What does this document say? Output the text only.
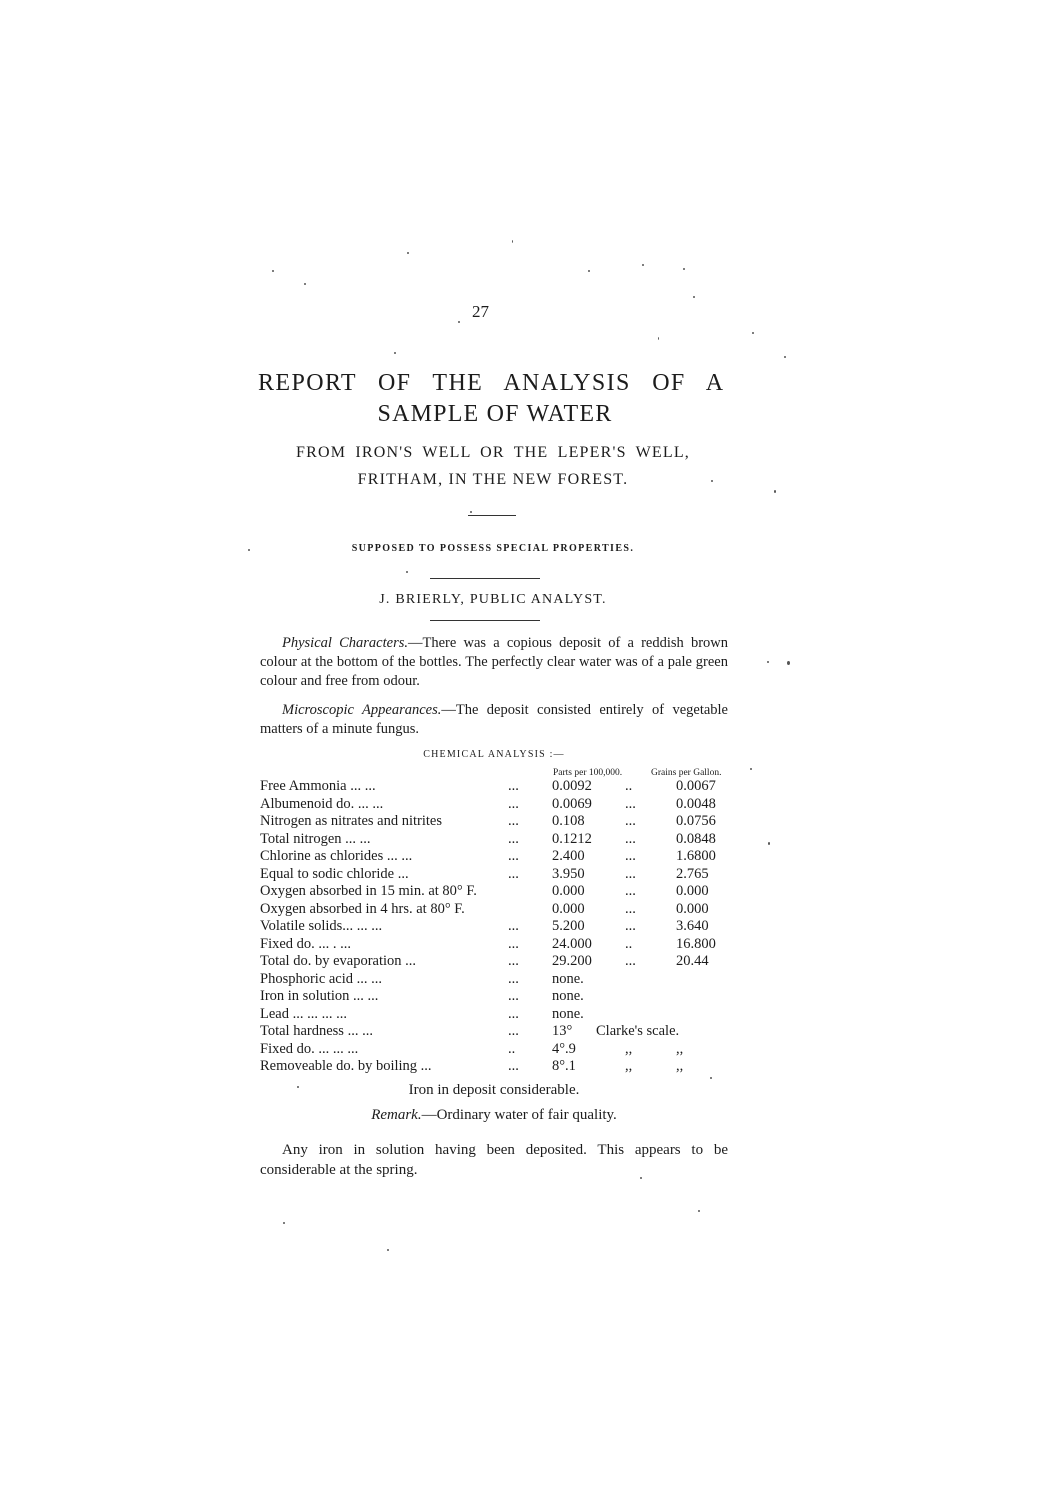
27
REPORT OF THE ANALYSIS OF A
SAMPLE OF WATER
FROM IRON'S WELL OR THE LEPER'S WELL,
FRITHAM, IN THE NEW FOREST.
SUPPOSED TO POSSESS SPECIAL PROPERTIES.
J. BRIERLY, PUBLIC ANALYST.
Physical Characters.—There was a copious deposit of a reddish brown colour at the bottom of the bottles. The perfectly clear water was of a pale green colour and free from odour.
Microscopic Appearances.—The deposit consisted entirely of vegetable matters of a minute fungus.
CHEMICAL ANALYSIS :—
Parts per 100,000.	Grains per Gallon.
Free Ammonia ... ...	... 0.0092 ..	0.0067
Albumenoid do. ... ...	... 0.0069 ...	0.0048
Nitrogen as nitrates and nitrites	... 0.108	...	0.0756
Total nitrogen ... ...	... 0.1212 ...	0.0848
Chlorine as chlorides ... ...	... 2.400	...	1.6800
Equal to sodic chloride ...	... 3.950	...	2.765
Oxygen absorbed in 15 min. at 80° F.	0.000	...	0.000
Oxygen absorbed in 4 hrs. at 80° F.	0.000	...	0.000
Volatile solids... ... ...	... 5.200	...	3.640
Fixed do. ... . ...	... 24.000 ..	16.800
Total do. by evaporation ...	... 29.200 ...	20.44
Phosphoric acid ... ...	... none.
Iron in solution ... ...	... none.
Lead ... ... ... ...	... none.
Total hardness ... ...	... 13° Clarke's scale.
Fixed do. ... ... ...	..	4°.9	,,	,,
Removeable do. by boiling ...	... 8°.1	,,	,,
Iron in deposit considerable.
Remark.—Ordinary water of fair quality.
Any iron in solution having been deposited. This appears to be considerable at the spring.
